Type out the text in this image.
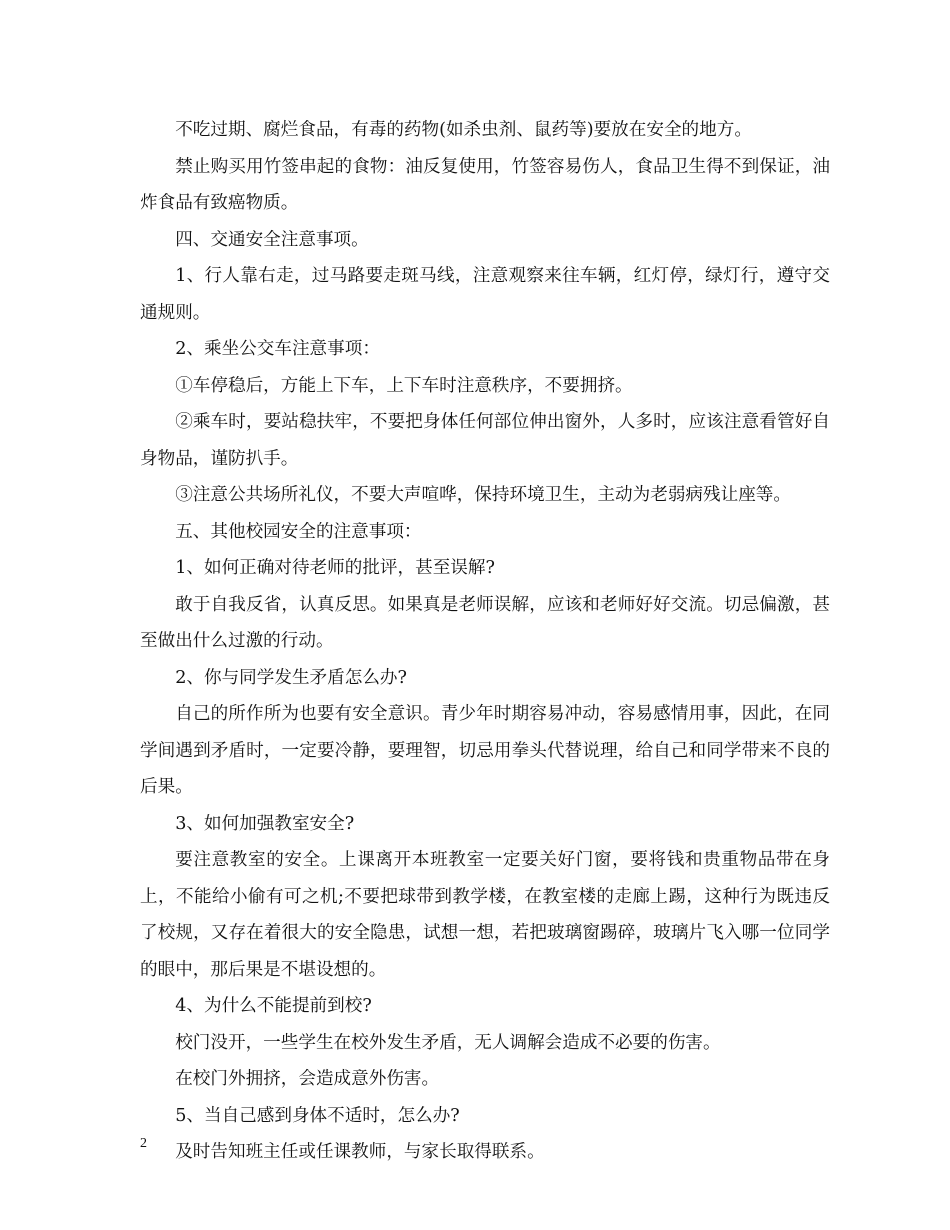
不吃过期、腐烂食品，有毒的药物(如杀虫剂、鼠药等)要放在安全的地方。

禁止购买用竹签串起的食物：油反复使用，竹签容易伤人，食品卫生得不到保证，油炸食品有致癌物质。

四、交通安全注意事项。

1、行人靠右走，过马路要走斑马线，注意观察来往车辆，红灯停，绿灯行，遵守交通规则。

2、乘坐公交车注意事项：

①车停稳后，方能上下车，上下车时注意秩序，不要拥挤。

②乘车时，要站稳扶牢，不要把身体任何部位伸出窗外，人多时，应该注意看管好自身物品，谨防扒手。

③注意公共场所礼仪，不要大声喧哗，保持环境卫生，主动为老弱病残让座等。

五、其他校园安全的注意事项：

1、如何正确对待老师的批评，甚至误解?

敢于自我反省，认真反思。如果真是老师误解，应该和老师好好交流。切忌偏激，甚至做出什么过激的行动。

2、你与同学发生矛盾怎么办?

自己的所作所为也要有安全意识。青少年时期容易冲动，容易感情用事，因此，在同学间遇到矛盾时，一定要冷静，要理智，切忌用拳头代替说理，给自己和同学带来不良的后果。

3、如何加强教室安全?

要注意教室的安全。上课离开本班教室一定要关好门窗，要将钱和贵重物品带在身上，不能给小偷有可之机;不要把球带到教学楼，在教室楼的走廊上踢，这种行为既违反了校规，又存在着很大的安全隐患，试想一想，若把玻璃窗踢碎，玻璃片飞入哪一位同学的眼中，那后果是不堪设想的。

4、为什么不能提前到校?

校门没开，一些学生在校外发生矛盾，无人调解会造成不必要的伤害。

在校门外拥挤，会造成意外伤害。

5、当自己感到身体不适时，怎么办?

及时告知班主任或任课教师，与家长取得联系。

2
